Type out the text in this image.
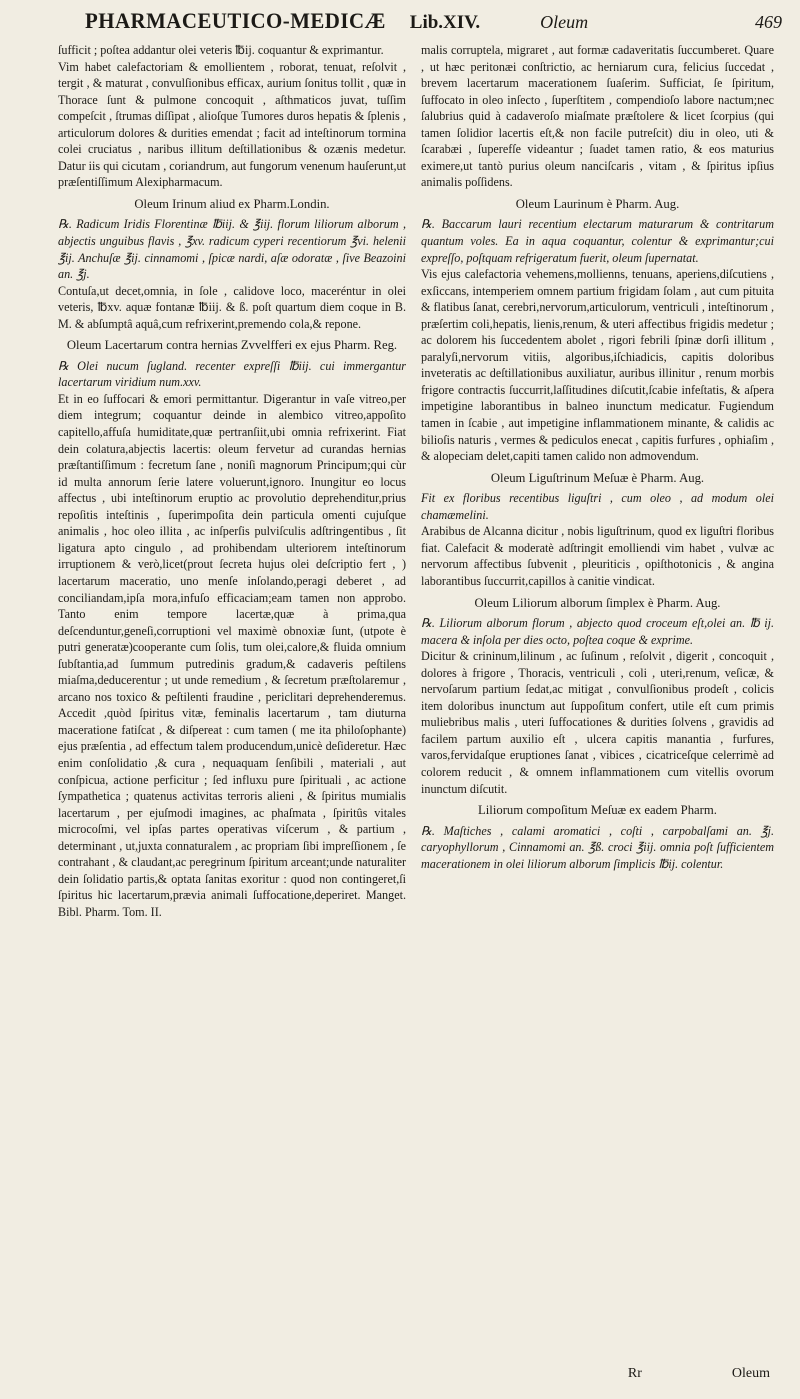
PHARMACEUTICO-MEDICÆ Lib.XIV.	Oleum	469

ſufficit ; poſtea addantur olei veteris ℔ij. coquantur & exprimantur.

Vim habet calefactoriam & emollientem , roborat, tenuat, reſolvit , tergit , & maturat , convulſionibus efficax, aurium ſonitus tollit , quæ in Thorace ſunt & pulmone concoquit , aſthmaticos juvat, tuſſim compeſcit , ſtrumas diſſipat , alioſque Tumores duros hepatis & ſplenis , articulorum dolores & durities emendat ; facit ad inteſtinorum tormina colei cruciatus , naribus illitum deſtillationibus & ozænis medetur. Datur iis qui cicutam , coriandrum, aut fungorum venenum hauſerunt,ut præſentiſſimum Alexipharmacum.

Oleum Irinum aliud ex Pharm.Londin.

℞. Radicum Iridis Florentinæ ℔iij. & ℥iij. florum liliorum alborum , abjectis unguibus flavis , ℥xv. radicum cyperi recentiorum ℥vi. helenii ℥ij. Anchuſæ ℥ij. cinnamomi , ſpicæ nardi, aſæ odoratæ , ſive Beazoini an. ℥j.

Contuſa,ut decet,omnia, in ſole , calidove loco, maceréntur in olei veteris, ℔xv. aquæ fontanæ ℔iij. & ß. poſt quartum diem coque in B. M. & abſumptâ aquâ,cum refrixerint,premendo cola,& repone.

Oleum Lacertarum contra hernias Zvvelfferi ex ejus Pharm. Reg.

℞ Olei nucum ſugland. recenter expreſſi ℔iij. cui immergantur lacertarum viridium num.xxv.

Et in eo ſuffocari & emori permittantur. Digerantur in vaſe vitreo,per diem integrum; coquantur deinde in alembico vitreo,appoſito capitello,affuſa humiditate,quæ pertranſiit,ubi omnia refrixerint. Fiat dein colatura,abjectis lacertis: oleum fervetur ad curandas hernias præſtantiſſimum : fecretum ſane , noniſi magnorum Principum;qui cùr id multa annorum ſerie latere voluerunt,ignoro. Inungitur eo locus affectus , ubi inteſtinorum eruptio ac provolutio deprehenditur,prius repoſitis inteſtinis , ſuperimpoſita dein particula omenti cujuſque animalis , hoc oleo illita , ac inſperſis pulviſculis adſtringentibus , ſit ligatura apto cingulo , ad prohibendam ulteriorem inteſtinorum irruptionem & verò,licet(prout ſecreta hujus olei deſcriptio fert , ) lacertarum maceratio, uno menſe inſolando,peragi deberet , ad conciliandam,ipſa mora,infuſo efficaciam;eam tamen non approbo. Tanto enim tempore lacertæ,quæ à prima,qua deſcenduntur,geneſi,corruptioni vel maximè obnoxiæ ſunt, (utpote è putri generatæ)cooperante cum ſolis, tum olei,calore,& fluida omnium ſubſtantia,ad ſummum putredinis gradum,& cadaveris peſtilens miaſma,deducerentur ; ut unde remedium , & ſecretum præſtolaremur , arcano nos toxico & peſtilenti fraudine , periclitari deprehenderemus. Accedit ,quòd ſpiritus vitæ, feminalis lacertarum , tam diuturna maceratione fatiſcat , & diſpereat : cum tamen ( me ita philoſophante) ejus præſentia , ad effectum talem producendum,unicè deſideretur. Hæc enim conſolidatio ,& cura , nequaquam ſenſibili , materiali , aut conſpicua, actione perficitur ; ſed influxu pure ſpirituali , ac actione ſympathetica ; quatenus activitas terroris alieni , & ſpiritus mumialis lacertarum , per ejuſmodi imagines, ac phaſmata , ſpiritûs vitales microcoſmi, vel ipſas partes operativas viſcerum , & partium , determinant , ut,juxta connaturalem , ac propriam ſibi impreſſionem , ſe contrahant , & claudant,ac peregrinum ſpiritum arceant;unde naturaliter dein ſolidatio partis,& optata ſanitas exoritur : quod non contingeret,ſi ſpiritus hic lacertarum,prævia animali ſuffocatione,deperiret. Manget. Bibl. Pharm. Tom. II.

malis corruptela, migraret , aut formæ cadaveritatis ſuccumberet. Quare , ut hæc peritonæi conſtrictio, ac herniarum cura, felicius ſuccedat , brevem lacertarum macerationem ſuaſerim. Sufficiat, ſe ſpiritum, ſuffocato in oleo inſecto , ſuperſtitem , compendioſo labore nactum;nec ſalubrius quid à cadaveroſo miaſmate præſtolere & licet ſcorpius (qui tamen ſolidior lacertis eſt,& non facile putreſcit) diu in oleo, uti & ſcarabæi , ſuperefſe videantur ; ſuadet tamen ratio, & eos maturius eximere,ut tantò purius oleum nanciſcaris , vitam , & ſpiritus ipſius animalis poſſidens.

Oleum Laurinum è Pharm. Aug.

℞. Baccarum lauri recentium electarum maturarum & contritarum quantum voles. Ea in aqua coquantur, colentur & exprimantur;cui expreſſo, poſtquam refrigeratum fuerit, oleum ſupernatat.

Vis ejus calefactoria vehemens,mollienns, tenuans, aperiens,diſcutiens , exſiccans, intemperiem omnem partium frigidam ſolam , aut cum pituita & flatibus ſanat, cerebri,nervorum,articulorum, ventriculi , inteſtinorum , præſertim coli,hepatis, lienis,renum, & uteri affectibus frigidis medetur ; ac dolorem his ſuccedentem abolet , rigori febrili ſpinæ dorſi illitum , paralyſi,nervorum vitiis, algoribus,iſchiadicis, capitis doloribus inveteratis ac deſtillationibus auxiliatur, auribus illinitur , renum morbis frigore contractis ſuccurrit,laſſitudines diſcutit,ſcabie infeſtatis, & aſpera impetigine laborantibus in balneo inunctum medicatur. Fugiendum tamen in ſcabie , aut impetigine inflammationem minante, & calidis ac bilioſis naturis , vermes & pediculos enecat , capitis furfures , ophiaſim , & alopeciam delet,capiti tamen calido non admovendum.

Oleum Liguſtrinum Meſuæ è Pharm. Aug.

Fit ex floribus recentibus liguſtri , cum oleo , ad modum olei chamæmelini.

Arabibus de Alcanna dicitur , nobis liguſtrinum, quod ex liguſtri floribus fiat. Calefacit & moderatè adſtringit emolliendi vim habet , vulvæ ac nervorum affectibus ſubvenit , pleuriticis , opiſthotonicis , & angina laborantibus ſuccurrit,capillos à canitie vindicat.

Oleum Liliorum alborum ſimplex è Pharm. Aug.

℞. Liliorum alborum florum , abjecto quod croceum eſt,olei an. ℔ ij. macera & inſola per dies octo, poſtea coque & exprime.

Dicitur & crininum,lilinum , ac ſuſinum , reſolvit , digerit , concoquit , dolores à frigore , Thoracis, ventriculi , coli , uteri,renum, veſicæ, & nervoſarum partium ſedat,ac mitigat , convulſionibus prodeſt , colicis item doloribus inunctum aut ſuppoſitum confert, utile eſt cum primis muliebribus malis , uteri ſuffocationes & durities ſolvens , gravidis ad facilem partum auxilio eſt , ulcera capitis manantia , furfures, varos,fervidaſque eruptiones ſanat , vibices , cicatriceſque celerrimè ad colorem reducit , & omnem inflammationem cum vitellis ovorum inunctum diſcutit.

Liliorum compoſitum Meſuæ ex eadem Pharm.

℞. Maſtiches , calami aromatici , coſti , carpobalſami an. ℥j. caryophyllorum , Cinnamomi an. ℥ß. croci ℥iij. omnia poſt ſufficientem macerationem in olei liliorum alborum ſimplicis ℔ij. colentur.

Rr	Oleum
